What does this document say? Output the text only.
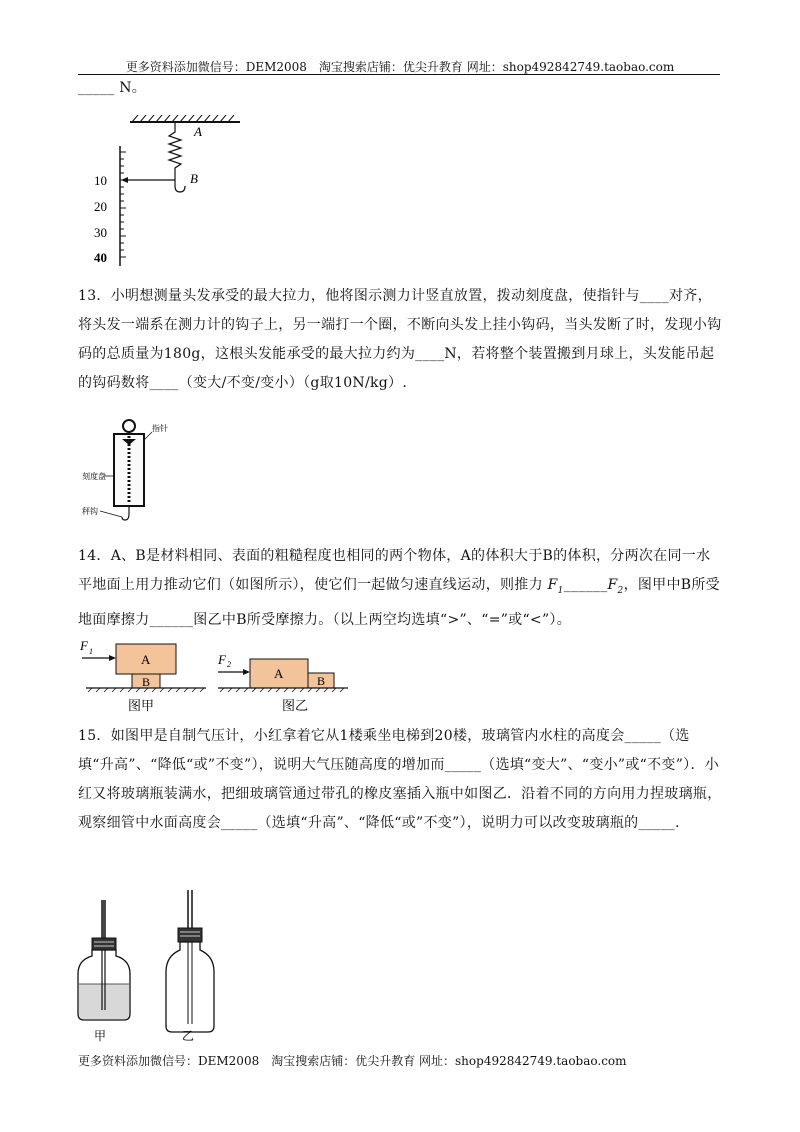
更多资料添加微信号：DEM2008　淘宝搜索店铺：优尖升教育 网址：shop492842749.taobao.com
_____ N。
A
B
10
20
30
40
13．小明想测量头发承受的最大拉力，他将图示测力计竖直放置，拨动刻度盘，使指针与____对齐，将头发一端系在测力计的钩子上，另一端打一个圈，不断向头发上挂小钩码，当头发断了时，发现小钩码的总质量为180g，这根头发能承受的最大拉力约为____N，若将整个装置搬到月球上，头发能吊起的钩码数将____（变大/不变/变小）（g取10N/kg）.
指针
刻度盘
秤钩
14．A、B是材料相同、表面的粗糙程度也相同的两个物体，A的体积大于B的体积，分两次在同一水平地面上用力推动它们（如图所示），使它们一起做匀速直线运动，则推力 $F_1\_\_\_\_\_\_F_2$，图甲中B所受地面摩擦力______图乙中B所受摩擦力。（以上两空均选填“>”、“=”或“<”）。
F 1
A
B
图甲
F 2
A	B
图乙
15．如图甲是自制气压计，小红拿着它从1楼乘坐电梯到20楼，玻璃管内水柱的高度会_____（选填“升高”、“降低“或”不变”），说明大气压随高度的增加而_____（选填“变大”、“变小”或“不变”）．小红又将玻璃瓶装满水，把细玻璃管通过带孔的橡皮塞插入瓶中如图乙．沿着不同的方向用力捏玻璃瓶，观察细管中水面高度会_____（选填“升高”、“降低“或”不变”），说明力可以改变玻璃瓶的_____.
甲	乙
更多资料添加微信号：DEM2008　淘宝搜索店铺：优尖升教育 网址：shop492842749.taobao.com
